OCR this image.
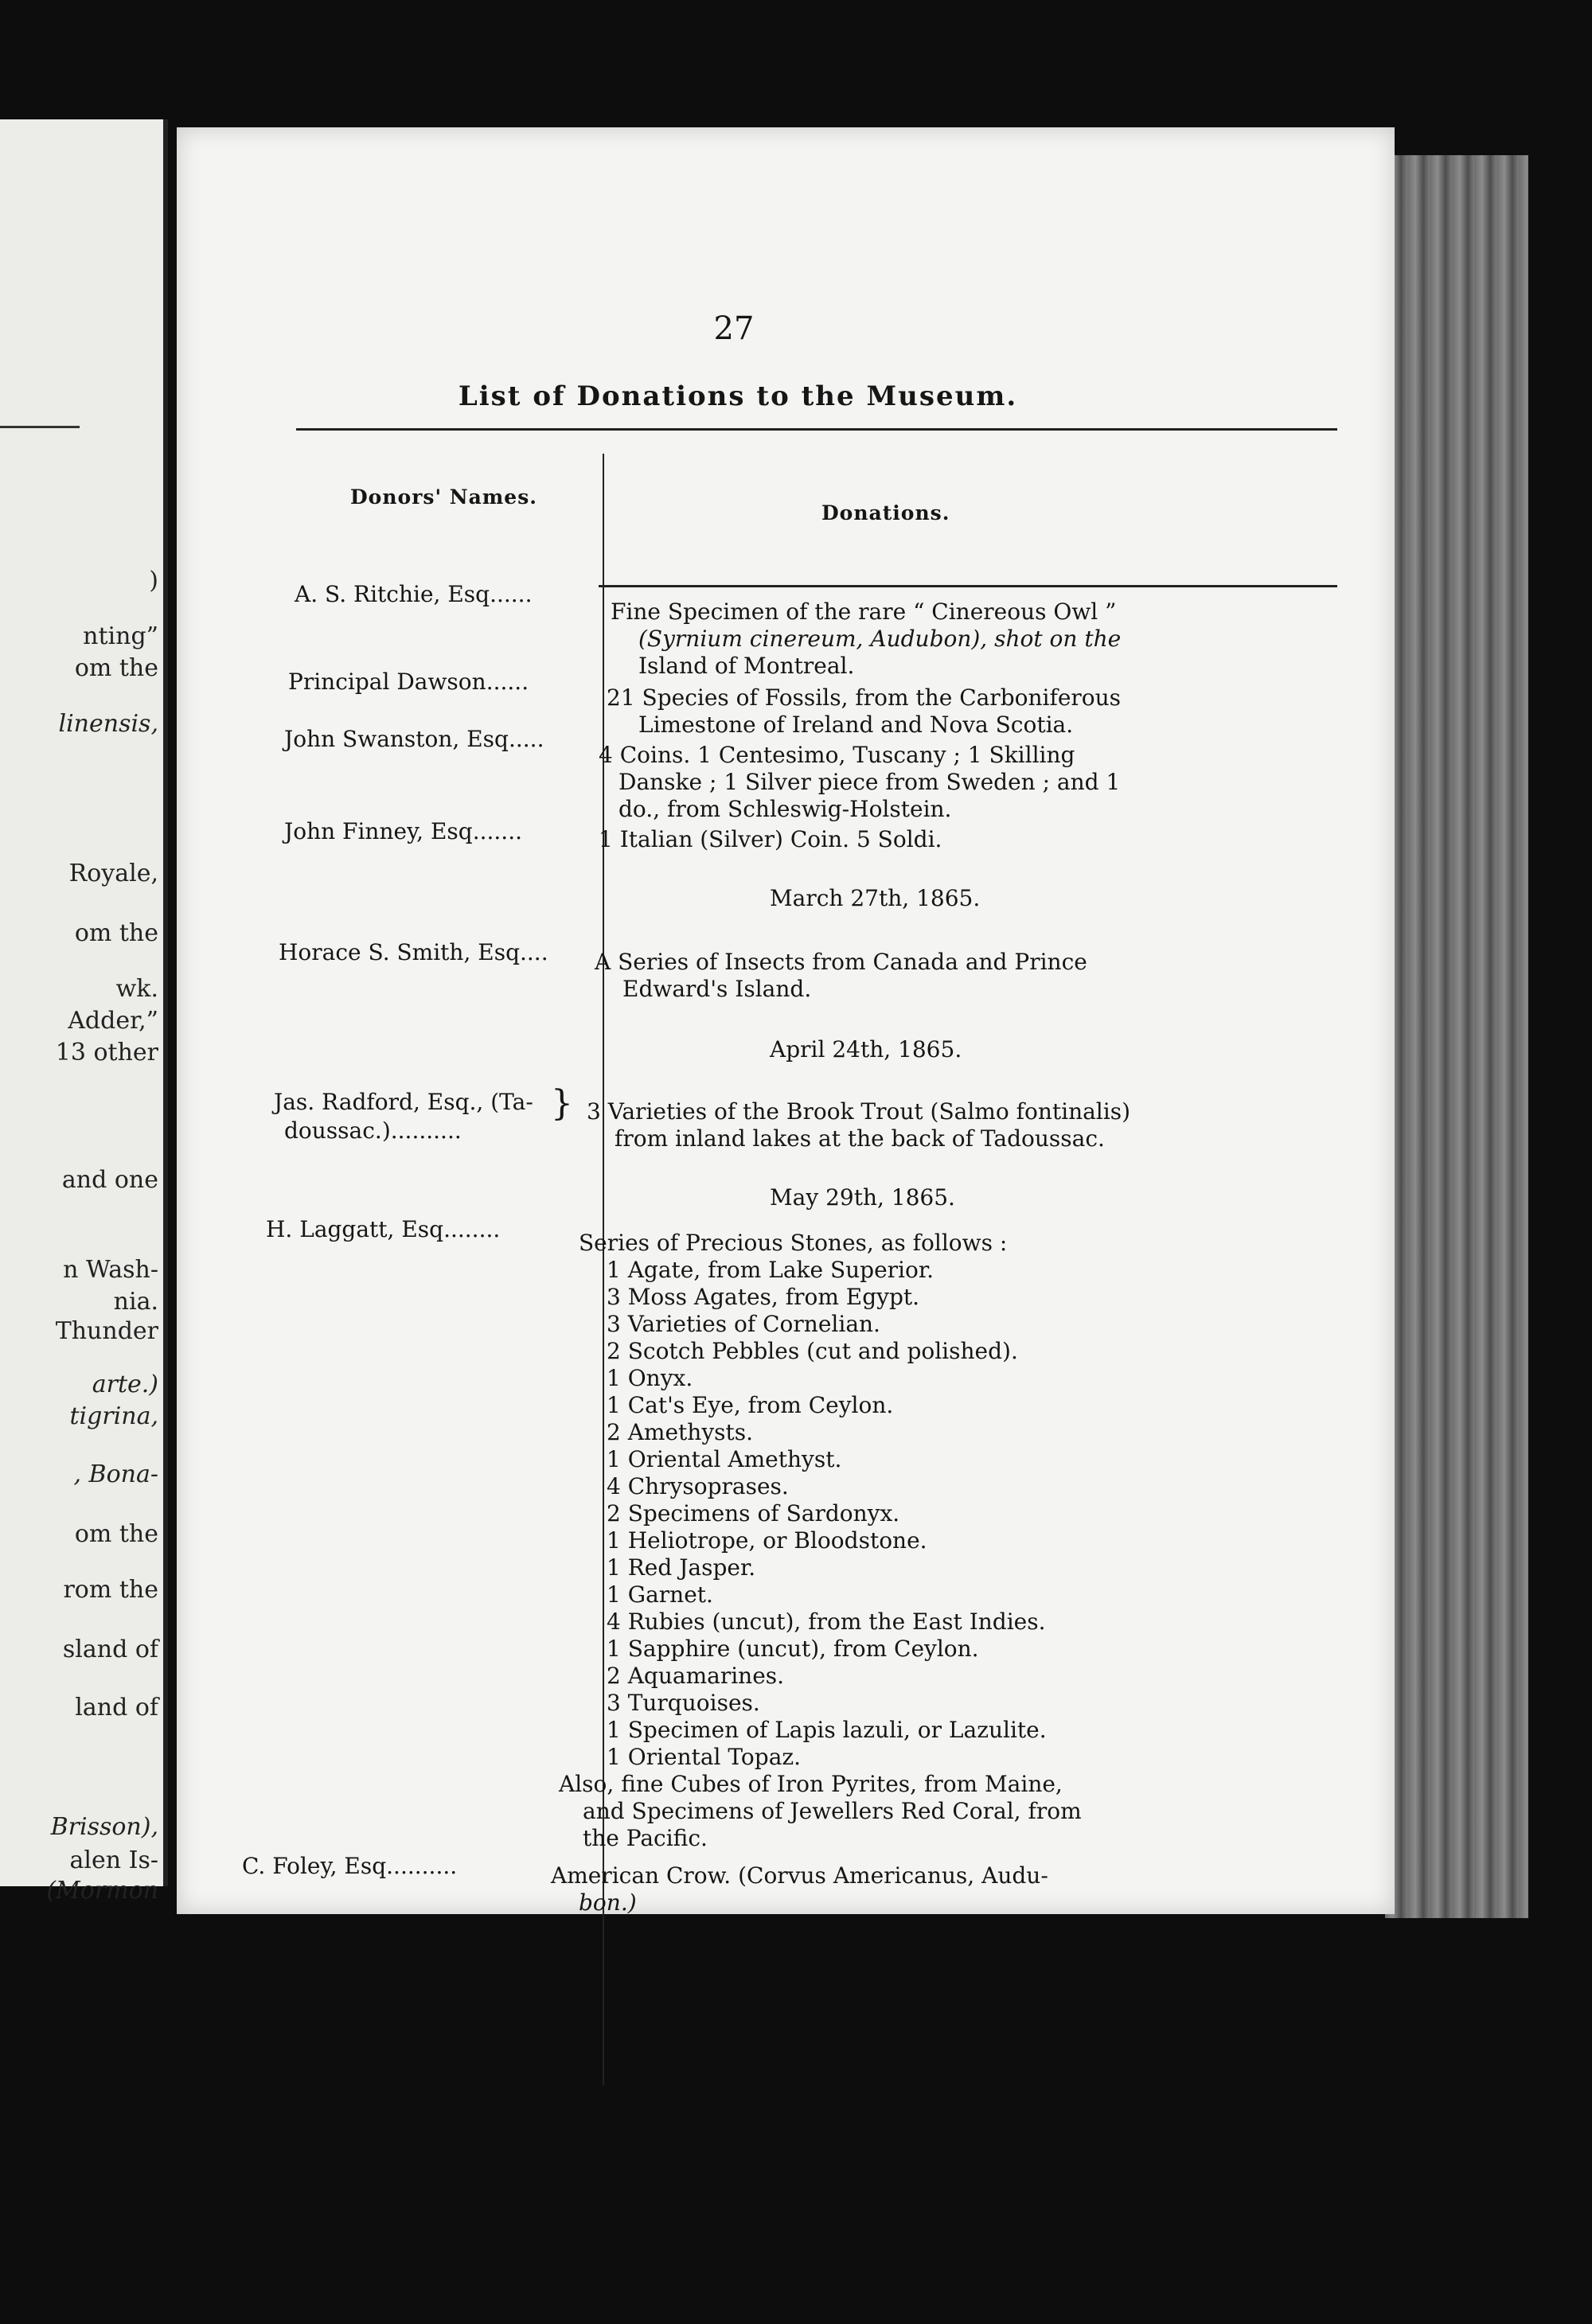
)
nting”
om the
linensis,
Royale,
om the
wk.
Adder,”
13 other
and one
n Wash-
nia.
Thunder
arte.)
tigrina,
, Bona-
om the
rom the
sland of
land of
Brisson),
alen Is-
(Mormon
27
List of Donations to the Museum.
Donors' Names.
Donations.
A. S. Ritchie, Esq......
Fine Specimen of the rare “ Cinereous Owl ”
(Syrnium cinereum, Audubon), shot on the
Island of Montreal.
Principal Dawson......
21 Species of Fossils, from the Carboniferous
Limestone of Ireland and Nova Scotia.
John Swanston, Esq.....
4 Coins. 1 Centesimo, Tuscany ; 1 Skilling
Danske ; 1 Silver piece from Sweden ; and 1
do., from Schleswig-Holstein.
John Finney, Esq.......	1 Italian (Silver) Coin. 5 Soldi.
March 27th, 1865.
Horace S. Smith, Esq.... A Series of Insects from Canada and Prince
Edward's Island.
April 24th, 1865.
Jas. Radford, Esq., (Ta-
doussac.)..........
} 3 Varieties of the Brook Trout (Salmo fontinalis)
from inland lakes at the back of Tadoussac.
May 29th, 1865.
H. Laggatt, Esq........
Series of Precious Stones, as follows :
1 Agate, from Lake Superior.
3 Moss Agates, from Egypt.
3 Varieties of Cornelian.
2 Scotch Pebbles (cut and polished).
1 Onyx.
1 Cat's Eye, from Ceylon.
2 Amethysts.
1 Oriental Amethyst.
4 Chrysoprases.
2 Specimens of Sardonyx.
1 Heliotrope, or Bloodstone.
1 Red Jasper.
1 Garnet.
4 Rubies (uncut), from the East Indies.
1 Sapphire (uncut), from Ceylon.
2 Aquamarines.
3 Turquoises.
1 Specimen of Lapis lazuli, or Lazulite.
1 Oriental Topaz.
Also, fine Cubes of Iron Pyrites, from Maine,
and Specimens of Jewellers Red Coral, from
the Pacific.
C. Foley, Esq..........	American Crow. (Corvus Americanus, Audu-
bon.)
